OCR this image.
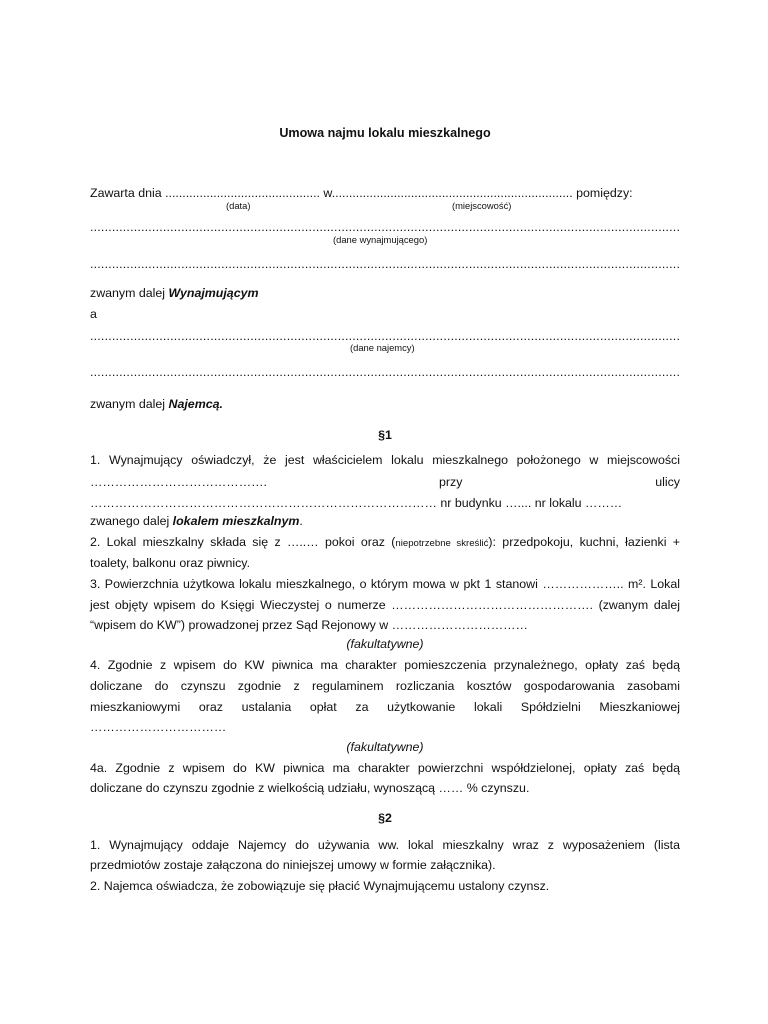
Umowa najmu lokalu mieszkalnego
Zawarta dnia ............................................. w...................................................................... pomiędzy:
(data)	(miejscowość)
..................................................................................................................................................................
(dane wynajmującego)
..................................................................................................................................................................
zwanym dalej Wynajmującym
a
..................................................................................................................................................................
(dane najemcy)
..................................................................................................................................................................
zwanym dalej Najemcą.
§1
1. Wynajmujący oświadczył, że jest właścicielem lokalu mieszkalnego położonego w miejscowości
…………………………………….	przy	ulicy
………………………………………………………………………… nr budynku ….... nr lokalu ………
zwanego dalej lokalem mieszkalnym.
2. Lokal mieszkalny składa się z …..… pokoi oraz (niepotrzebne skreślić): przedpokoju, kuchni, łazienki +
toalety, balkonu oraz piwnicy.
3. Powierzchnia użytkowa lokalu mieszkalnego, o którym mowa w pkt 1 stanowi ……………….. m². Lokal
jest objęty wpisem do Księgi Wieczystej o numerze …………………………………………. (zwanym dalej
“wpisem do KW”) prowadzonej przez Sąd Rejonowy w ……………………………
(fakultatywne)
4. Zgodnie z wpisem do KW piwnica ma charakter pomieszczenia przynależnego, opłaty zaś będą
doliczane do czynszu zgodnie z regulaminem rozliczania kosztów gospodarowania zasobami
mieszkaniowymi oraz ustalania opłat za użytkowanie lokali Spółdzielni Mieszkaniowej
……………………………
(fakultatywne)
4a. Zgodnie z wpisem do KW piwnica ma charakter powierzchni współdzielonej, opłaty zaś będą
doliczane do czynszu zgodnie z wielkością udziału, wynoszącą …… % czynszu.
§2
1. Wynajmujący oddaje Najemcy do używania ww. lokal mieszkalny wraz z wyposażeniem (lista
przedmiotów zostaje załączona do niniejszej umowy w formie załącznika).
2. Najemca oświadcza, że zobowiązuje się płacić Wynajmującemu ustalony czynsz.
